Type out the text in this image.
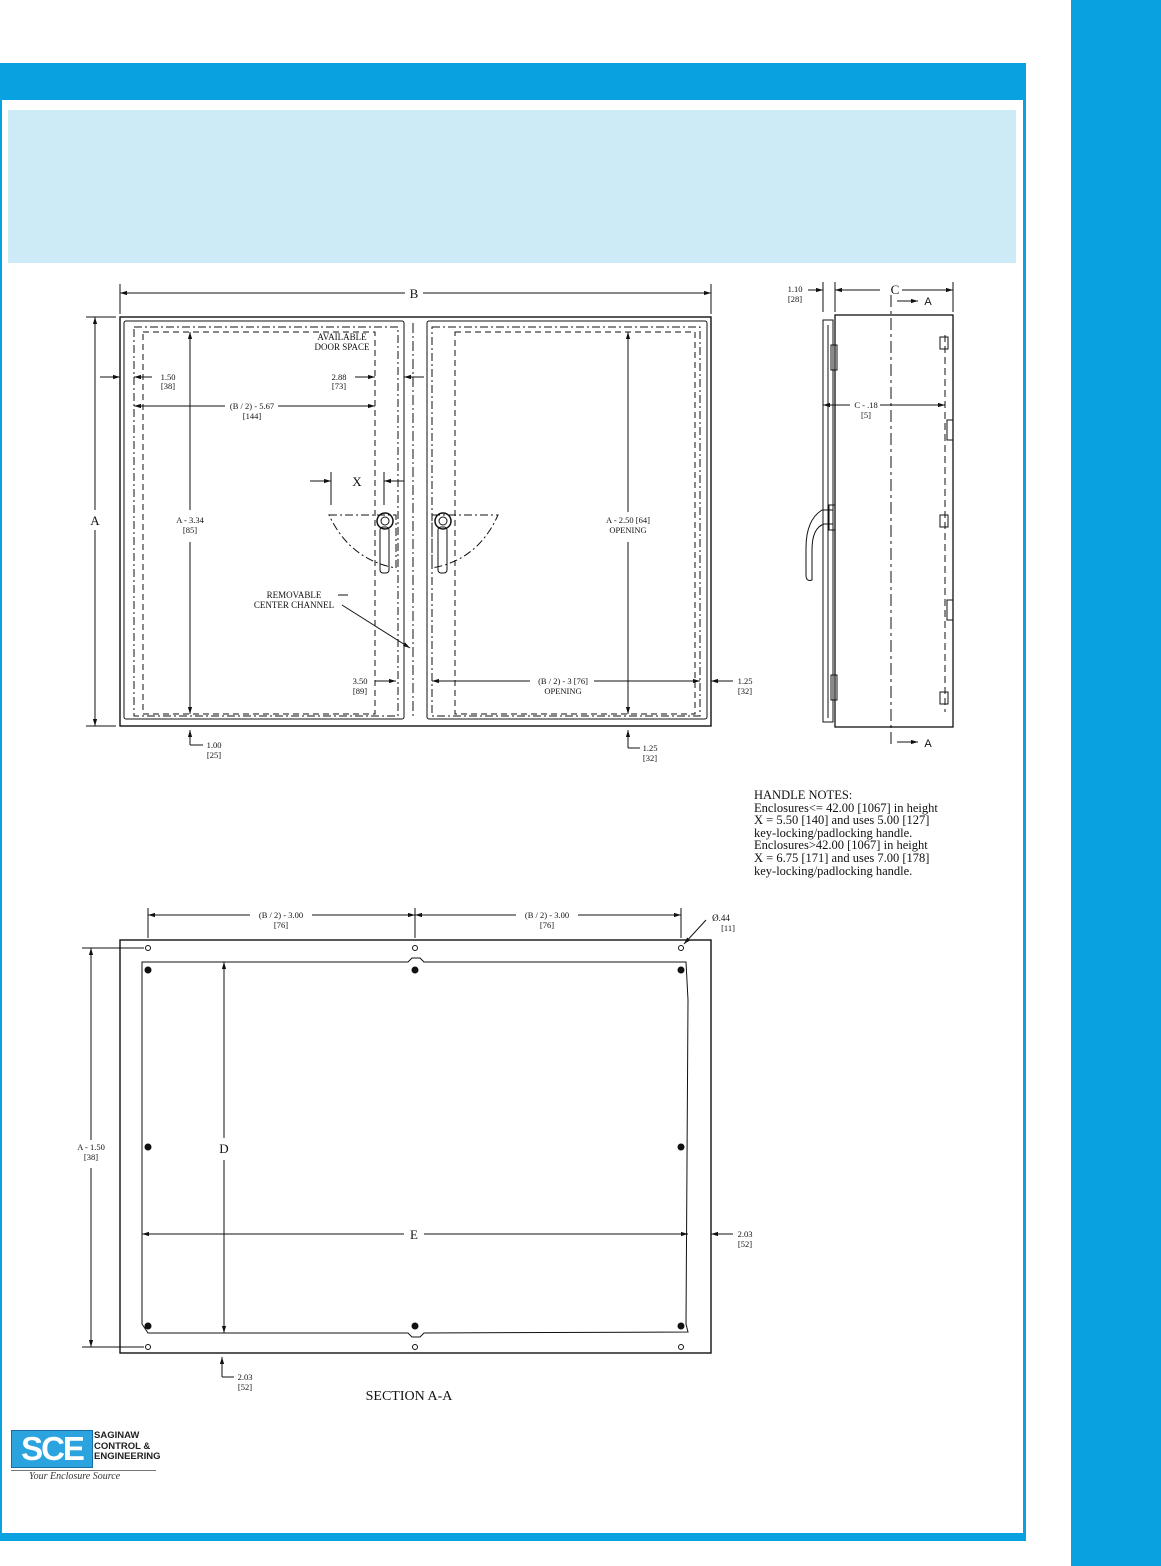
B
A
AVAILABLE
DOOR SPACE
1.50
[38]
2.88
[73]
(B / 2) - 5.67
[144]
A - 3.34
[85]
X
A - 2.50 [64]
OPENING
REMOVABLE
CENTER CHANNEL
3.50
[89]
(B / 2) - 3 [76]
OPENING
1.25
[32]
1.00
[25]
1.25
[32]
1.10
[28]
C
A
A
C - .18
[5]
(B / 2) - 3.00
[76]
(B / 2) - 3.00
[76]
Ø.44
[11]
A - 1.50
[38]
D
E	2.03
[52]
2.03
[52]
SECTION A-A
HANDLE NOTES:
Enclosures<= 42.00 [1067] in height
X = 5.50 [140] and uses 5.00 [127]
key-locking/padlocking handle.
Enclosures>42.00 [1067] in height
X = 6.75 [171] and uses 7.00 [178]
key-locking/padlocking handle.
SCE	SAGINAW
CONTROL &
ENGINEERING
Your Enclosure Source
